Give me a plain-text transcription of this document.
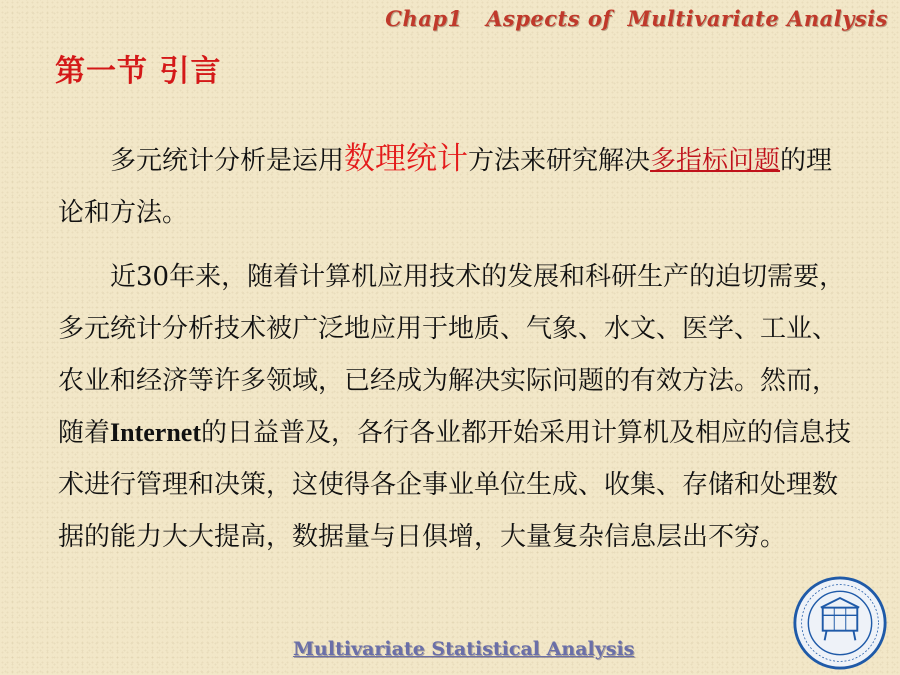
Chap1   Aspects of  Multivariate Analysis
第一节 引言

多元统计分析是运用数理统计方法来研究解决多指标问题的理论和方法。

近30年来，随着计算机应用技术的发展和科研生产的迫切需要，多元统计分析技术被广泛地应用于地质、气象、水文、医学、工业、农业和经济等许多领域，已经成为解决实际问题的有效方法。然而，随着Internet的日益普及，各行各业都开始采用计算机及相应的信息技术进行管理和决策，这使得各企事业单位生成、收集、存储和处理数据的能力大大提高，数据量与日俱增，大量复杂信息层出不穷。

Multivariate Statistical Analysis
